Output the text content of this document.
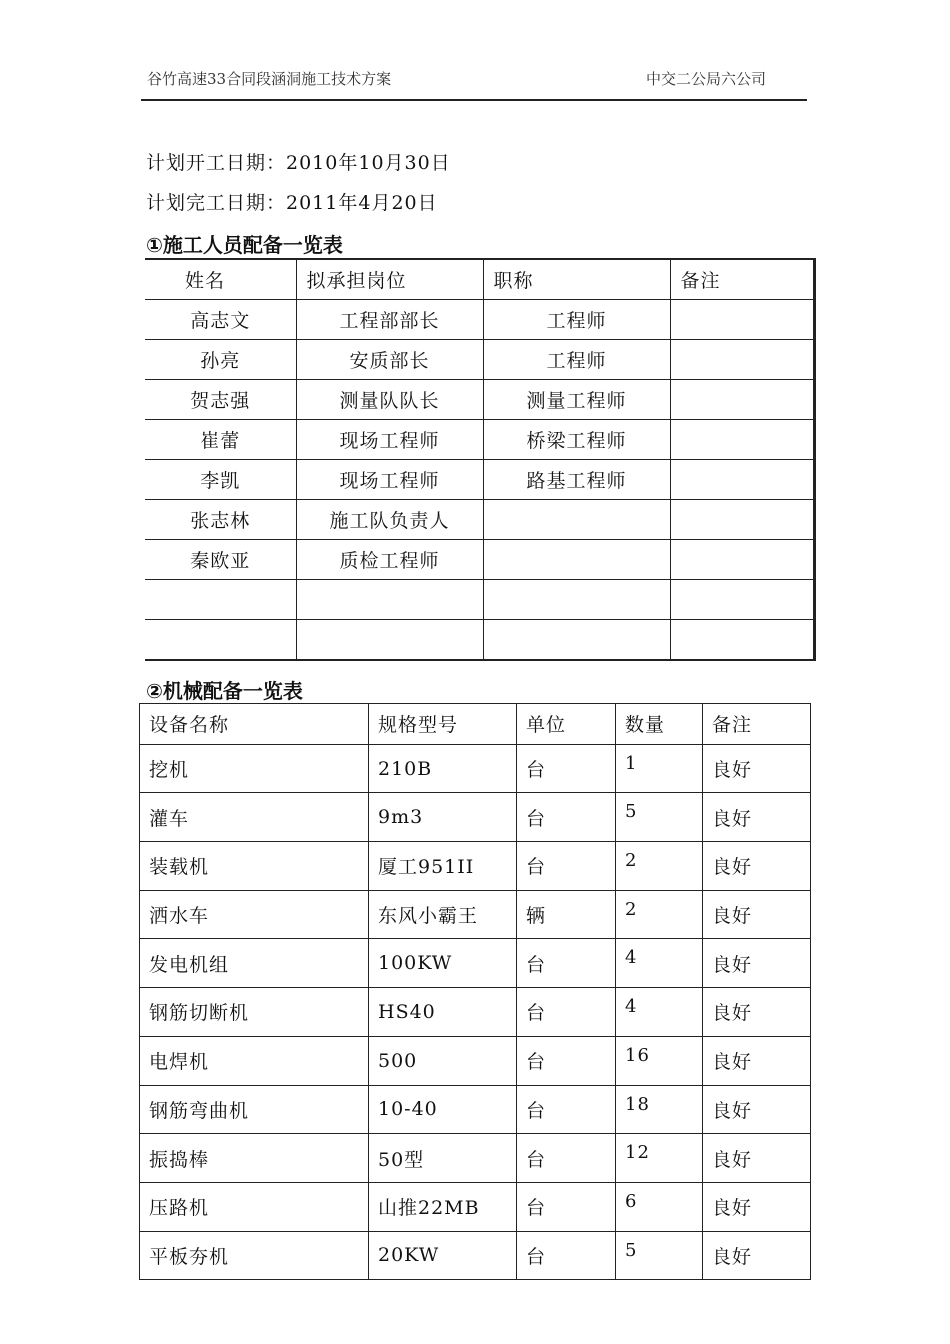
谷竹高速33合同段涵洞施工技术方案	中交二公局六公司
计划开工日期：2010年10月30日
计划完工日期：2011年4月20日
①施工人员配备一览表
姓名	拟承担岗位	职称	备注
高志文	工程部部长	工程师	
孙亮	安质部长	工程师	
贺志强	测量队队长	测量工程师	
崔蕾	现场工程师	桥梁工程师	
李凯	现场工程师	路基工程师	
张志林	施工队负责人		
秦欧亚	质检工程师		

②机械配备一览表
设备名称	规格型号	单位	数量	备注
挖机	210B	台	1	良好
灌车	9m3	台	5	良好
装载机	厦工951II	台	2	良好
洒水车	东风小霸王	辆	2	良好
发电机组	100KW	台	4	良好
钢筋切断机	HS40	台	4	良好
电焊机	500	台	16	良好
钢筋弯曲机	10-40	台	18	良好
振捣棒	50型	台	12	良好
压路机	山推22MB	台	6	良好
平板夯机	20KW	台	5	良好
